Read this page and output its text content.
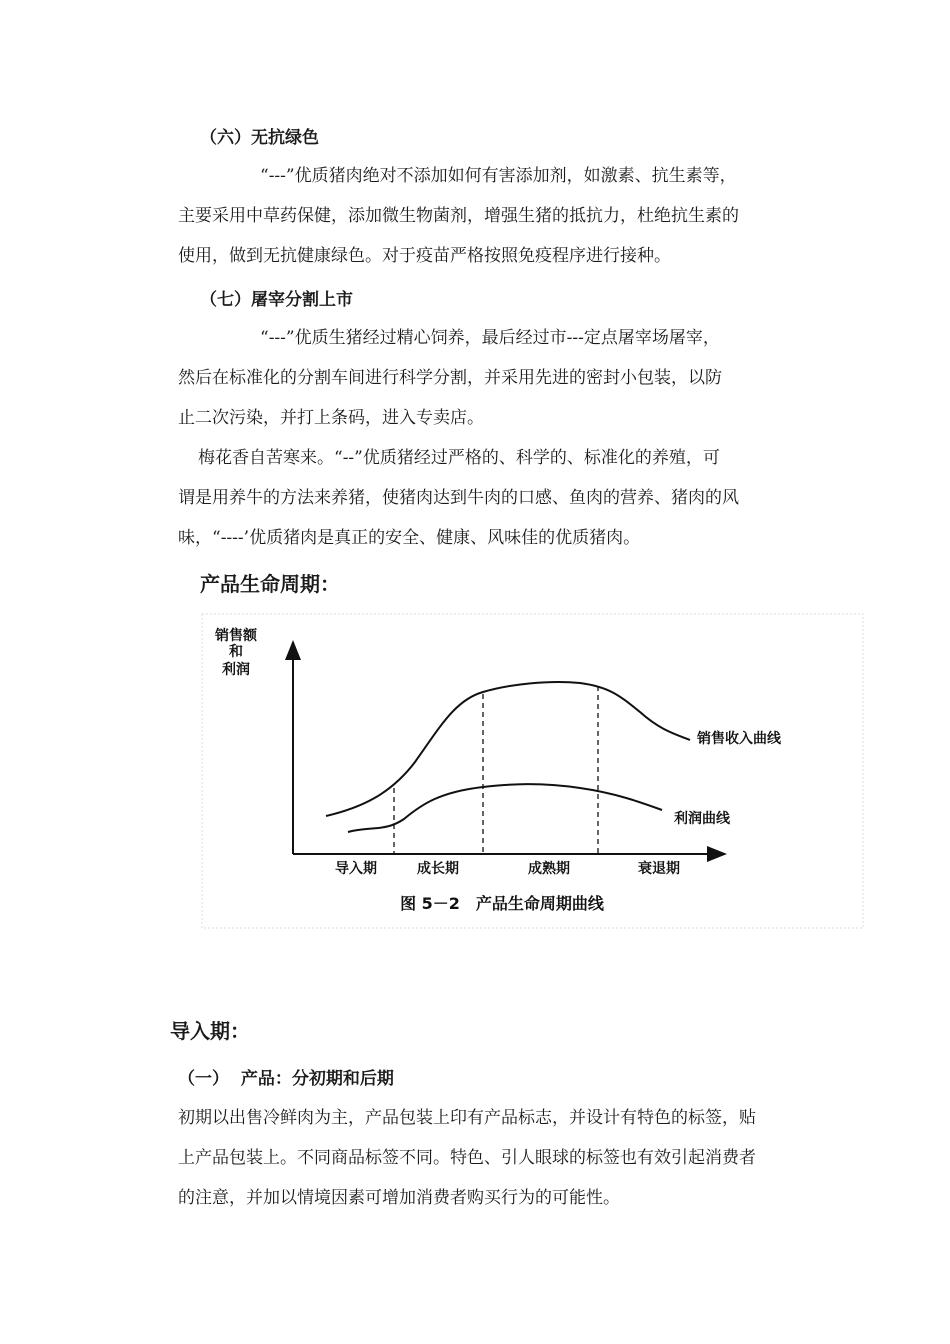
（六）无抗绿色

“---”优质猪肉绝对不添加如何有害添加剂，如激素、抗生素等，

主要采用中草药保健，添加微生物菌剂，增强生猪的抵抗力，杜绝抗生素的

使用，做到无抗健康绿色。对于疫苗严格按照免疫程序进行接种。

（七）屠宰分割上市

“---”优质生猪经过精心饲养，最后经过市---定点屠宰场屠宰，

然后在标准化的分割车间进行科学分割，并采用先进的密封小包装，以防

止二次污染，并打上条码，进入专卖店。

梅花香自苦寒来。“--”优质猪经过严格的、科学的、标准化的养殖，可

谓是用养牛的方法来养猪，使猪肉达到牛肉的口感、鱼肉的营养、猪肉的风

味，“----’优质猪肉是真正的安全、健康、风味佳的优质猪肉。

产品生命周期：
销售额
和
利润
销售收入曲线
利润曲线
导入期	成长期	成熟期	衰退期
图 5－2　产品生命周期曲线
导入期：
（一）  产品：分初期和后期

初期以出售冷鲜肉为主，产品包装上印有产品标志，并设计有特色的标签，贴

上产品包装上。不同商品标签不同。特色、引人眼球的标签也有效引起消费者

的注意，并加以情境因素可增加消费者购买行为的可能性。
